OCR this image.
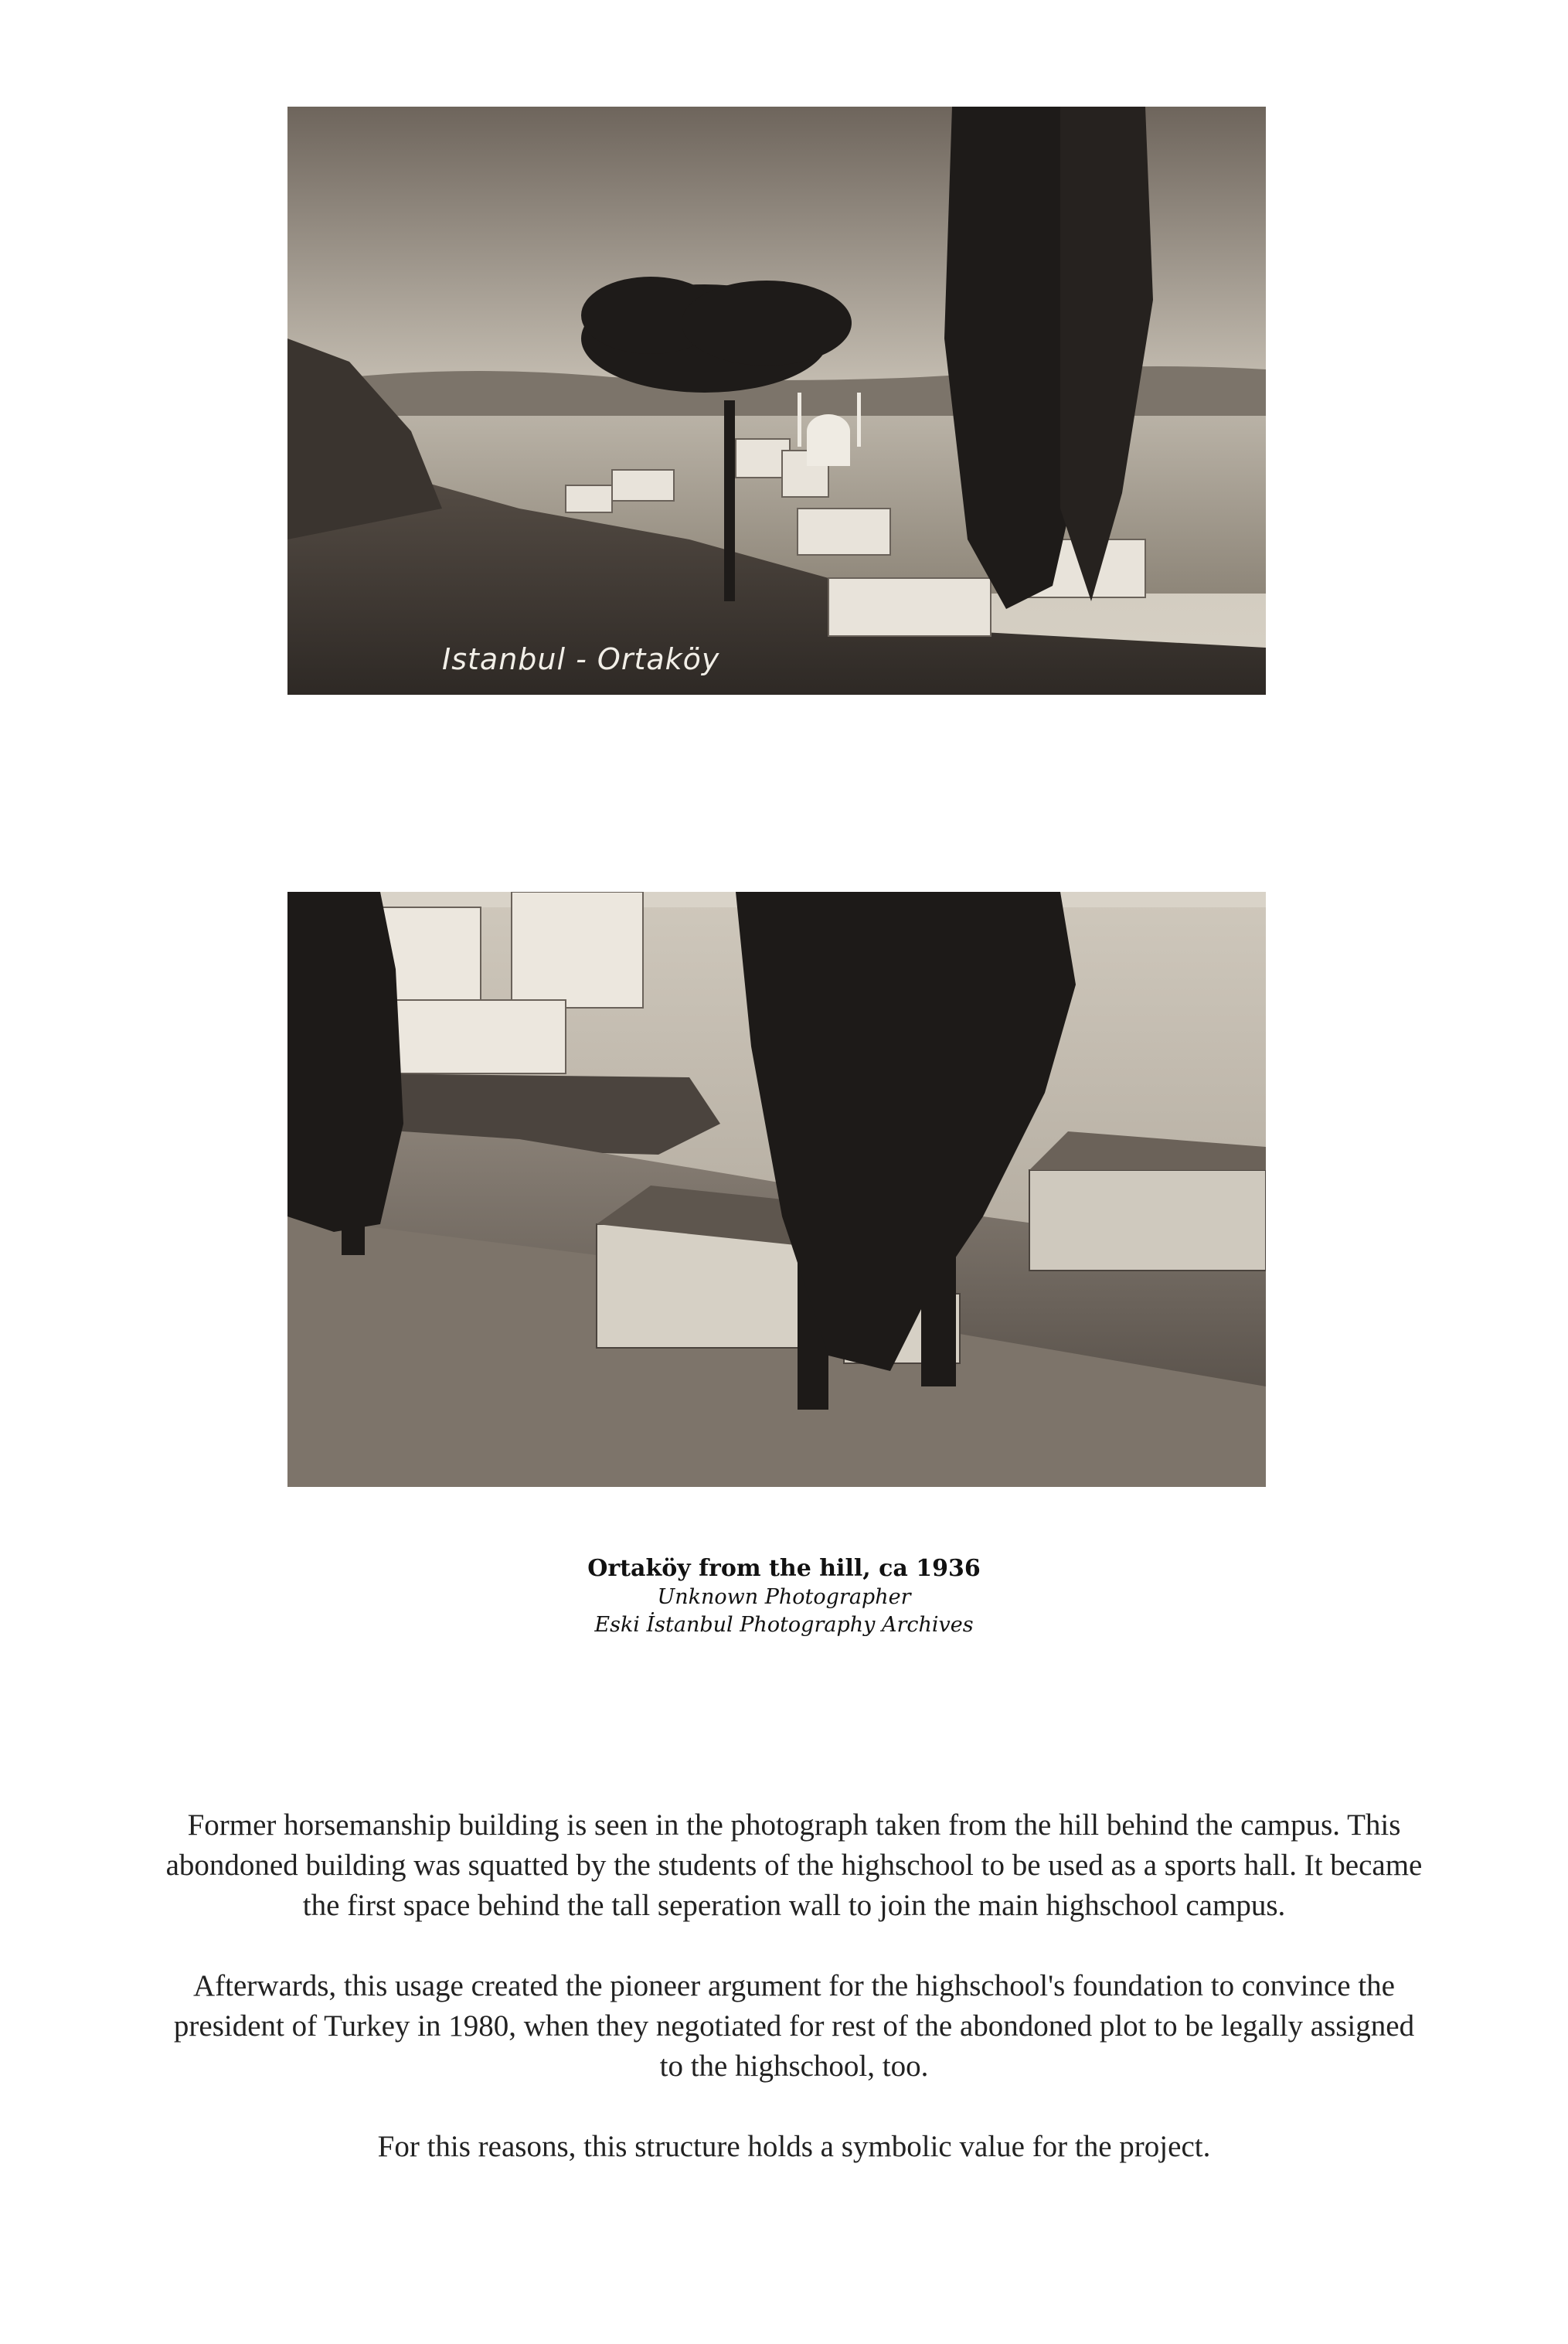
Istanbul - Ortaköy
Ortaköy from the hill, ca 1936
Unknown Photographer
Eski İstanbul Photography Archives

Former horsemanship building is seen in the photograph taken from the hill behind the campus. This abondoned building was squatted by the students of the highschool to be used as a sports hall. It became the first space behind the tall seperation wall to join the main highschool campus.

Afterwards, this usage created the pioneer argument for the highschool's foundation to convince the president of Turkey in 1980, when they negotiated for rest of the abondoned plot to be legally assigned to the highschool, too.

For this reasons, this structure holds a symbolic value for the project.
